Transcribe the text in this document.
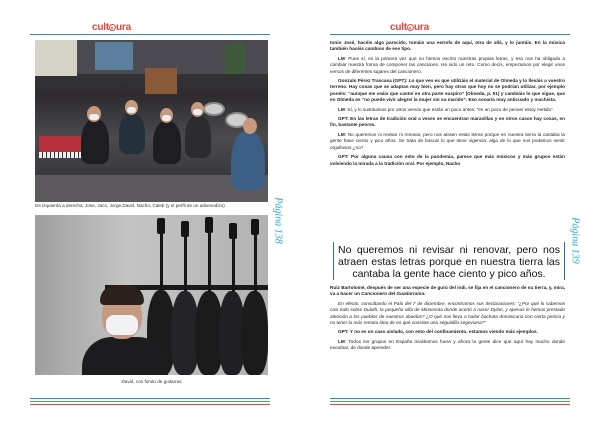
cult ura
De izquierda a derecha: Jose, Jaco, Jorge,David, Nacho, Caleb (y el perfil de un advenedizo)
David, con fondo de guitarras
Página 138
cult ura

tonio José, hacéis algo parecido, tomáis una estrofa de aquí, otra de allá, y lo juntáis. En la música también hacéis cambios de ese tipo.

LM: Pues sí, es la primera vez que no hemos escrito nuestras propias letras, y eso nos ha obligado a cambiar nuestra forma de componer las canciones. Ha sido un reto. Como decís, empezamos por elegir unos versos de diferentes lugares del cancionero.

Gonzalo Pérez Trascasa (GPT): Lo que veo es que utilizáis el material de Olmeda y lo lleváis a vuestro terreno. Hay cosas que se adaptan muy bien, pero hay otras que hoy no se podrían utilizar, por ejemplo ponéis: “aunque me veáis que canto/ en otra parte suspiro” (Olmeda, p. 51) y cambiáis lo que sigue, que en Olmeda es “no puede vivir alegre/ la mujer sin su marido”. Eso sonaría muy anticuado y machista.

LM: Sí, y lo sustituimos por otros versos que están un poco antes: “en un pozo de penas/ estoy metido”.

GPT: En las letras de tradición oral a veces se encuentran maravillas y en otros casos hay cosas, en fin, bastante peores.

LM: No queremos ni revisar ni renovar, pero nos atraen estas letras porque en nuestra tierra la cantaba la gente hace ciento y pico años. Se trata de buscar lo que tiene vigencia, algo de lo que nos podamos sentir orgullosos ¿no?

GPT: Por alguna causa con esto de la pandemia, parece que más músicos y más grupos están volviendo la mirada a la tradición oral. Por ejemplo, Nacho

No queremos ni revisar ni renovar, pero nos atraen estas letras porque en nuestra tierra las cantaba la gente hace ciento y pico años.

Ruiz Bartolomé, después de ser una especie de gurú del indi, se fija en el cancionero de su tierra, y, mira, va a hacer un Cancionero del Guadarrama.

En efecto, consultando el País del 7 de diciembre, encontramos sus declaraciones: “¿Por qué lo sabemos casi todo sobre Duluth, la pequeña villa de Minnesota donde acertó a nacer Dylan, y apenas le hemos prestado atención a los pueblos de nuestros abuelos? ¿O qué nos lleva a bailar bachata dominicana con cierta pericia y no tener la más remota idea de en qué consiste una seguidilla segoviana?”

GPT: Y no es un caso aislado, con esto del confinamiento, estamos viendo más ejemplos.

LM: Todos los grupos en España mirábamos fuera y ahora la gente dice que aquí hay mucho donde escarbar, de donde aprender.

Página 139
